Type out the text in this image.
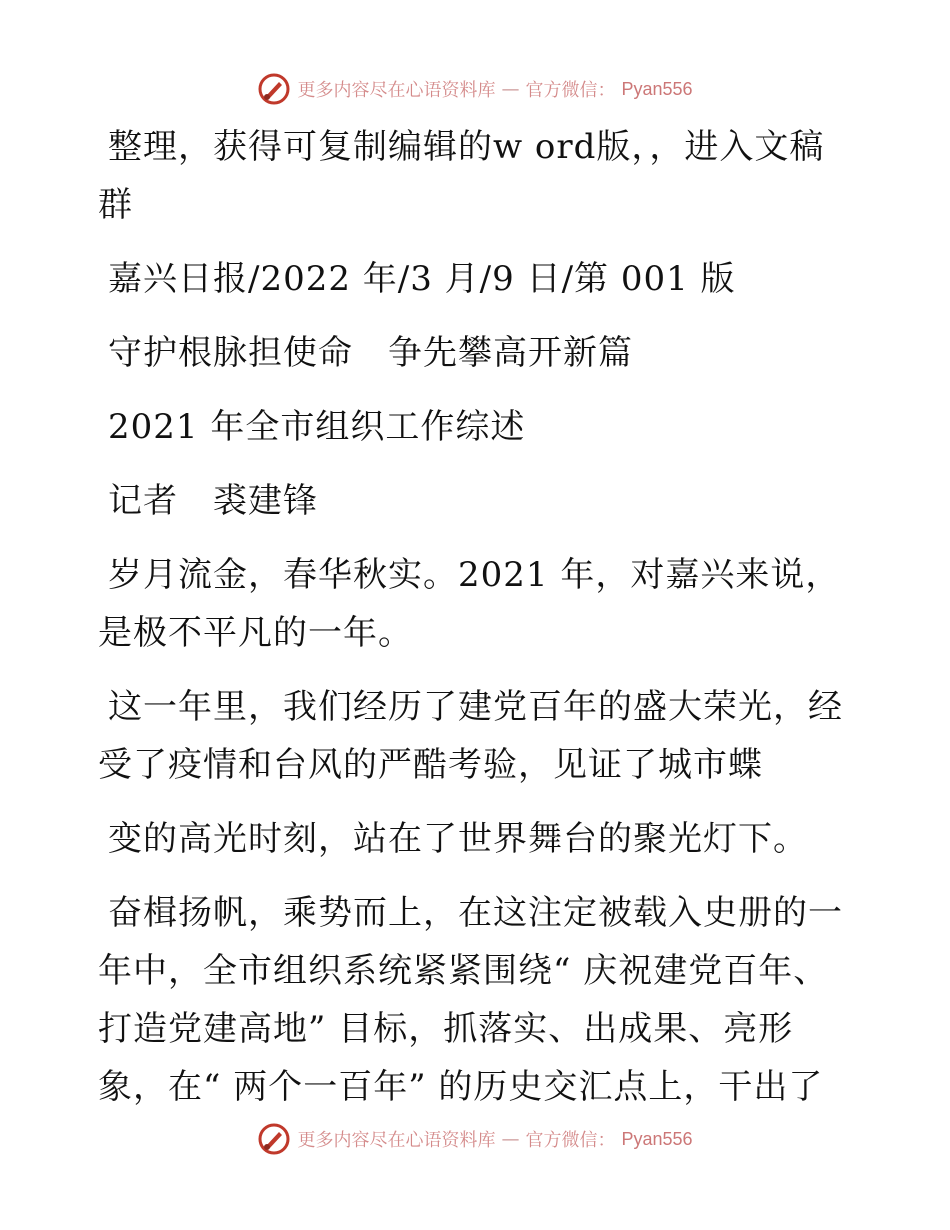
更多内容尽在心语资料库 — 官方微信： Pyan556

整理，获得可复制编辑的w ord版，，进入文稿群

嘉兴日报/2022 年/3 月/9 日/第 001 版

守护根脉担使命　争先攀高开新篇

2021 年全市组织工作综述

记者　裘建锋

岁月流金，春华秋实。2021 年，对嘉兴来说，是极不平凡的一年。

这一年里，我们经历了建党百年的盛大荣光，经受了疫情和台风的严酷考验，见证了城市蝶

变的高光时刻，站在了世界舞台的聚光灯下。

奋楫扬帆，乘势而上，在这注定被载入史册的一年中，全市组织系统紧紧围绕“ 庆祝建党百年、打造党建高地” 目标，抓落实、出成果、亮形象，在“ 两个一百年” 的历史交汇点上，干出了

更多内容尽在心语资料库 — 官方微信： Pyan556
